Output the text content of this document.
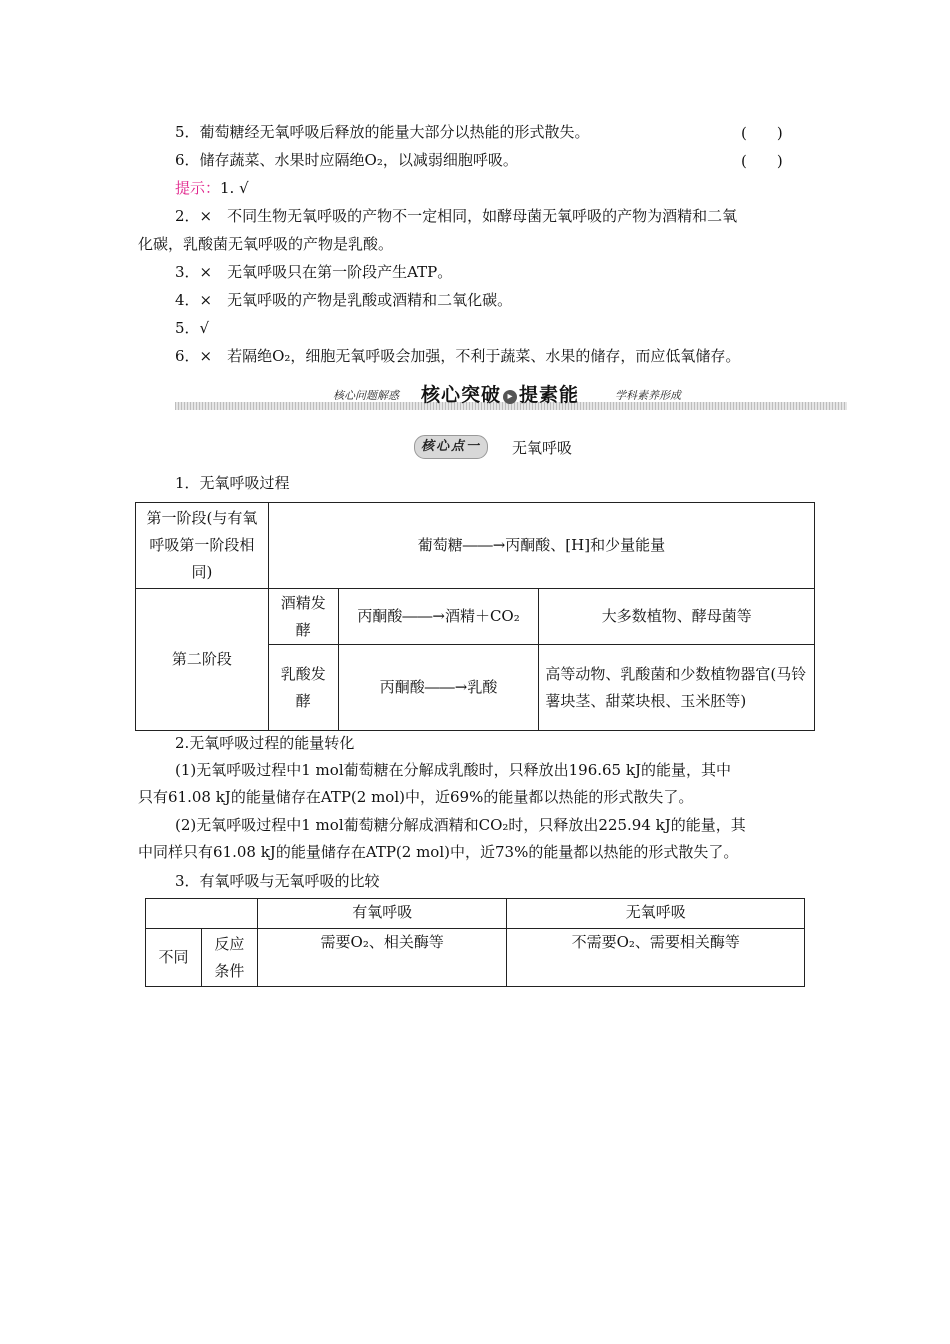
5．葡萄糖经无氧呼吸后释放的能量大部分以热能的形式散失。	(　　)
6．储存蔬菜、水果时应隔绝O₂，以减弱细胞呼吸。	(　　)
提示：1. √
2．×　不同生物无氧呼吸的产物不一定相同，如酵母菌无氧呼吸的产物为酒精和二氧
化碳，乳酸菌无氧呼吸的产物是乳酸。
3．×　无氧呼吸只在第一阶段产生ATP。
4．×　无氧呼吸的产物是乳酸或酒精和二氧化碳。
5．√
6．×　若隔绝O₂，细胞无氧呼吸会加强，不利于蔬菜、水果的储存，而应低氧储存。
核心问题解惑 核心突破 ▸ 提素能	学科素养形成
核心点一	无氧呼吸
1．无氧呼吸过程
第一阶段(与有氧呼吸第一阶段相同)	葡萄糖――→丙酮酸、[H]和少量能量		
第二阶段	酒精发酵	丙酮酸――→酒精＋CO₂	大多数植物、酵母菌等
	乳酸发酵	丙酮酸――→乳酸	高等动物、乳酸菌和少数植物器官(马铃薯块茎、甜菜块根、玉米胚等)
2.无氧呼吸过程的能量转化
(1)无氧呼吸过程中1 mol葡萄糖在分解成乳酸时，只释放出196.65 kJ的能量，其中
只有61.08 kJ的能量储存在ATP(2 mol)中，近69%的能量都以热能的形式散失了。
(2)无氧呼吸过程中1 mol葡萄糖分解成酒精和CO₂时，只释放出225.94 kJ的能量，其
中同样只有61.08 kJ的能量储存在ATP(2 mol)中，近73%的能量都以热能的形式散失了。
3．有氧呼吸与无氧呼吸的比较
		有氧呼吸	无氧呼吸
不同	反应条件	需要O₂、相关酶等	不需要O₂、需要相关酶等
